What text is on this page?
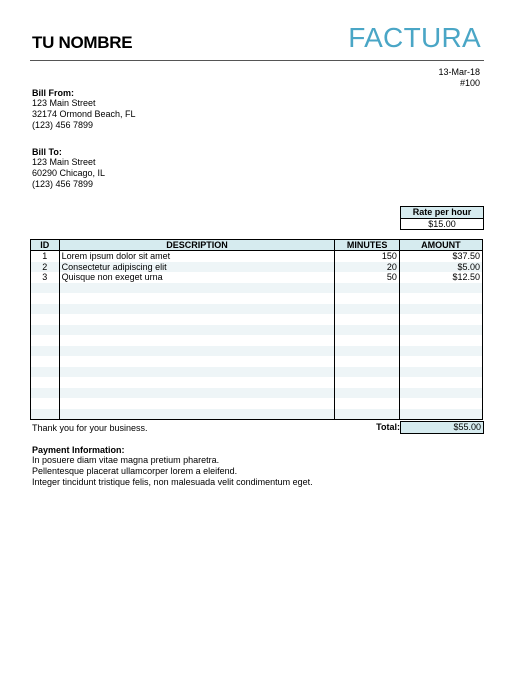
TU NOMBRE	FACTURA
13-Mar-18
#100
Bill From:
123 Main Street
32174 Ormond Beach, FL
(123) 456 7899
Bill To:
123 Main Street
60290 Chicago, IL
(123) 456 7899
Rate per hour
$15.00
ID	DESCRIPTION	MINUTES	AMOUNT
1	Lorem ipsum dolor sit amet	150	$37.50
2	Consectetur adipiscing elit	20	$5.00
3	Quisque non exeget urna	50	$12.50

Thank you for your business.	Total:	$55.00
Payment Information:
In posuere diam vitae magna pretium pharetra.
Pellentesque placerat ullamcorper lorem a eleifend.
Integer tincidunt tristique felis, non malesuada velit condimentum eget.
